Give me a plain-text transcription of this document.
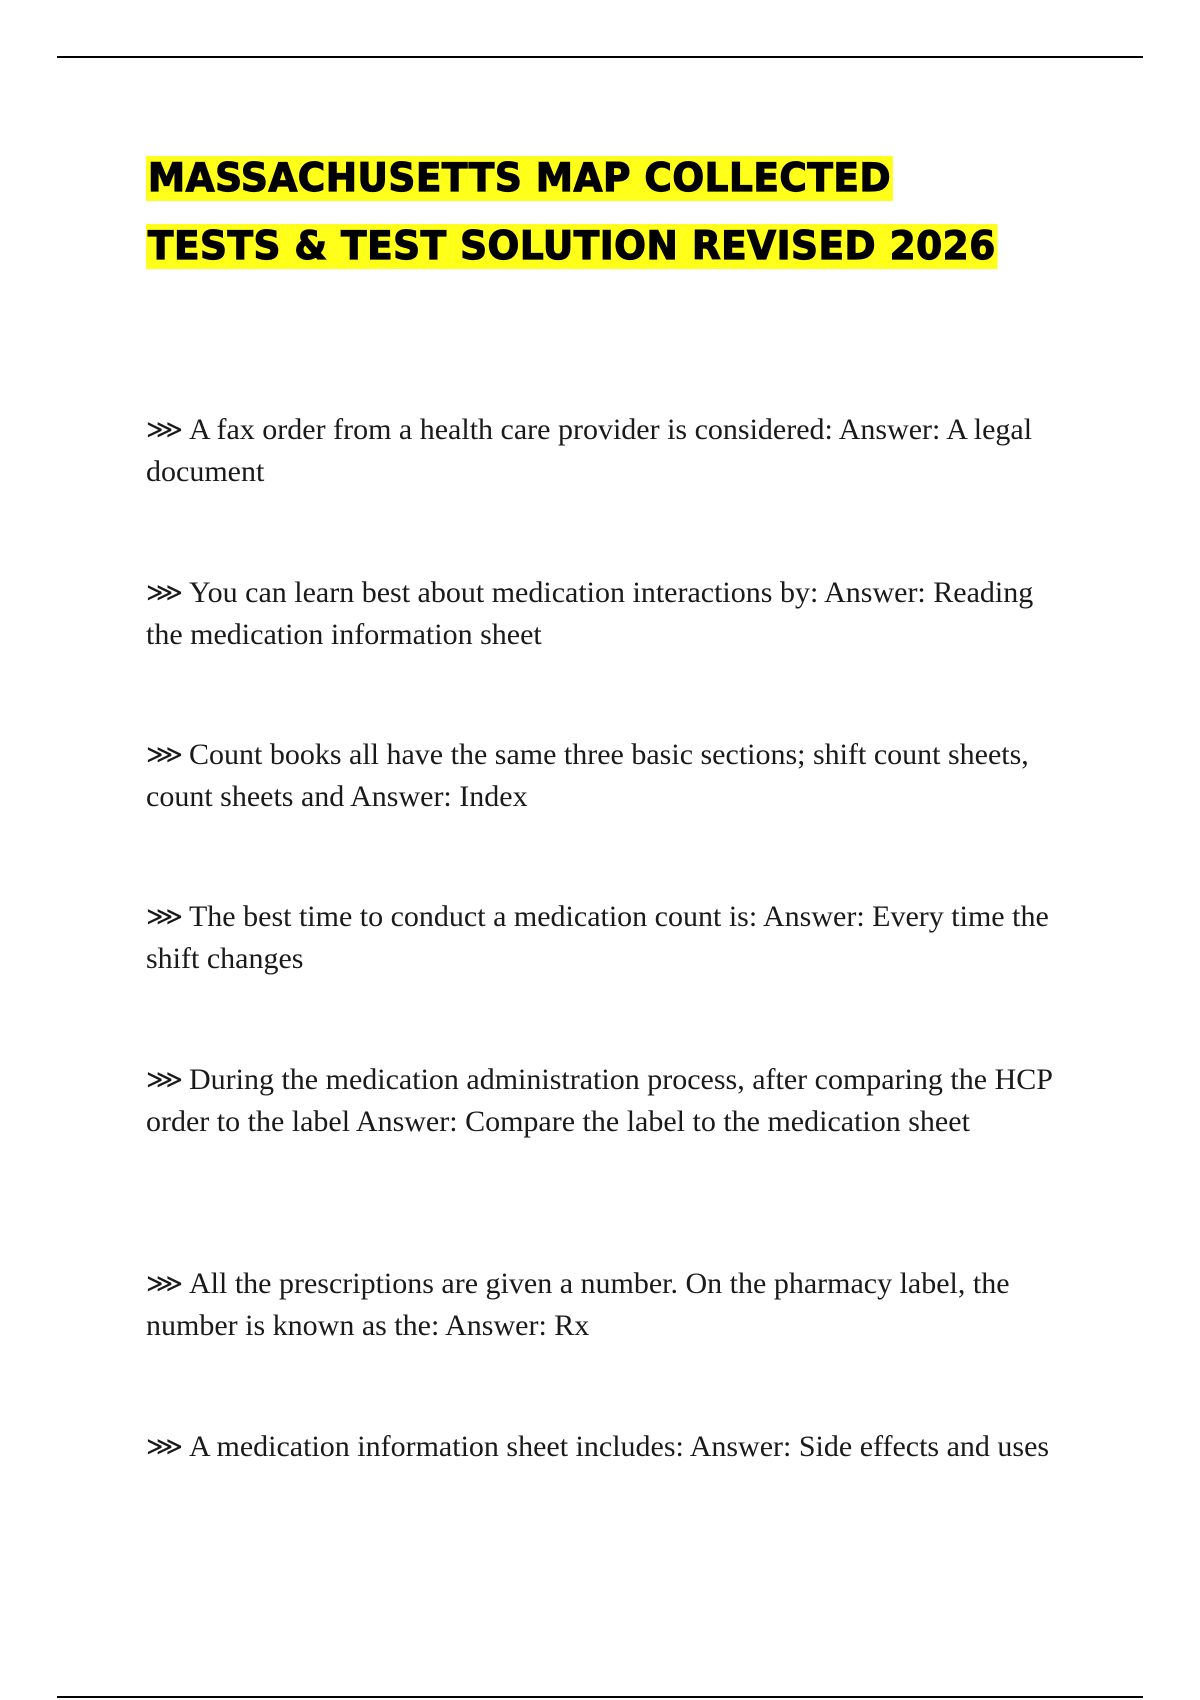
MASSACHUSETTS MAP COLLECTED
TESTS & TEST SOLUTION REVISED 2026
⋙ A fax order from a health care provider is considered: Answer: A legal document
⋙ You can learn best about medication interactions by: Answer: Reading the medication information sheet
⋙ Count books all have the same three basic sections; shift count sheets, count sheets and Answer: Index
⋙ The best time to conduct a medication count is: Answer: Every time the shift changes
⋙ During the medication administration process, after comparing the HCP order to the label Answer: Compare the label to the medication sheet
⋙ All the prescriptions are given a number. On the pharmacy label, the number is known as the: Answer: Rx
⋙ A medication information sheet includes: Answer: Side effects and uses
